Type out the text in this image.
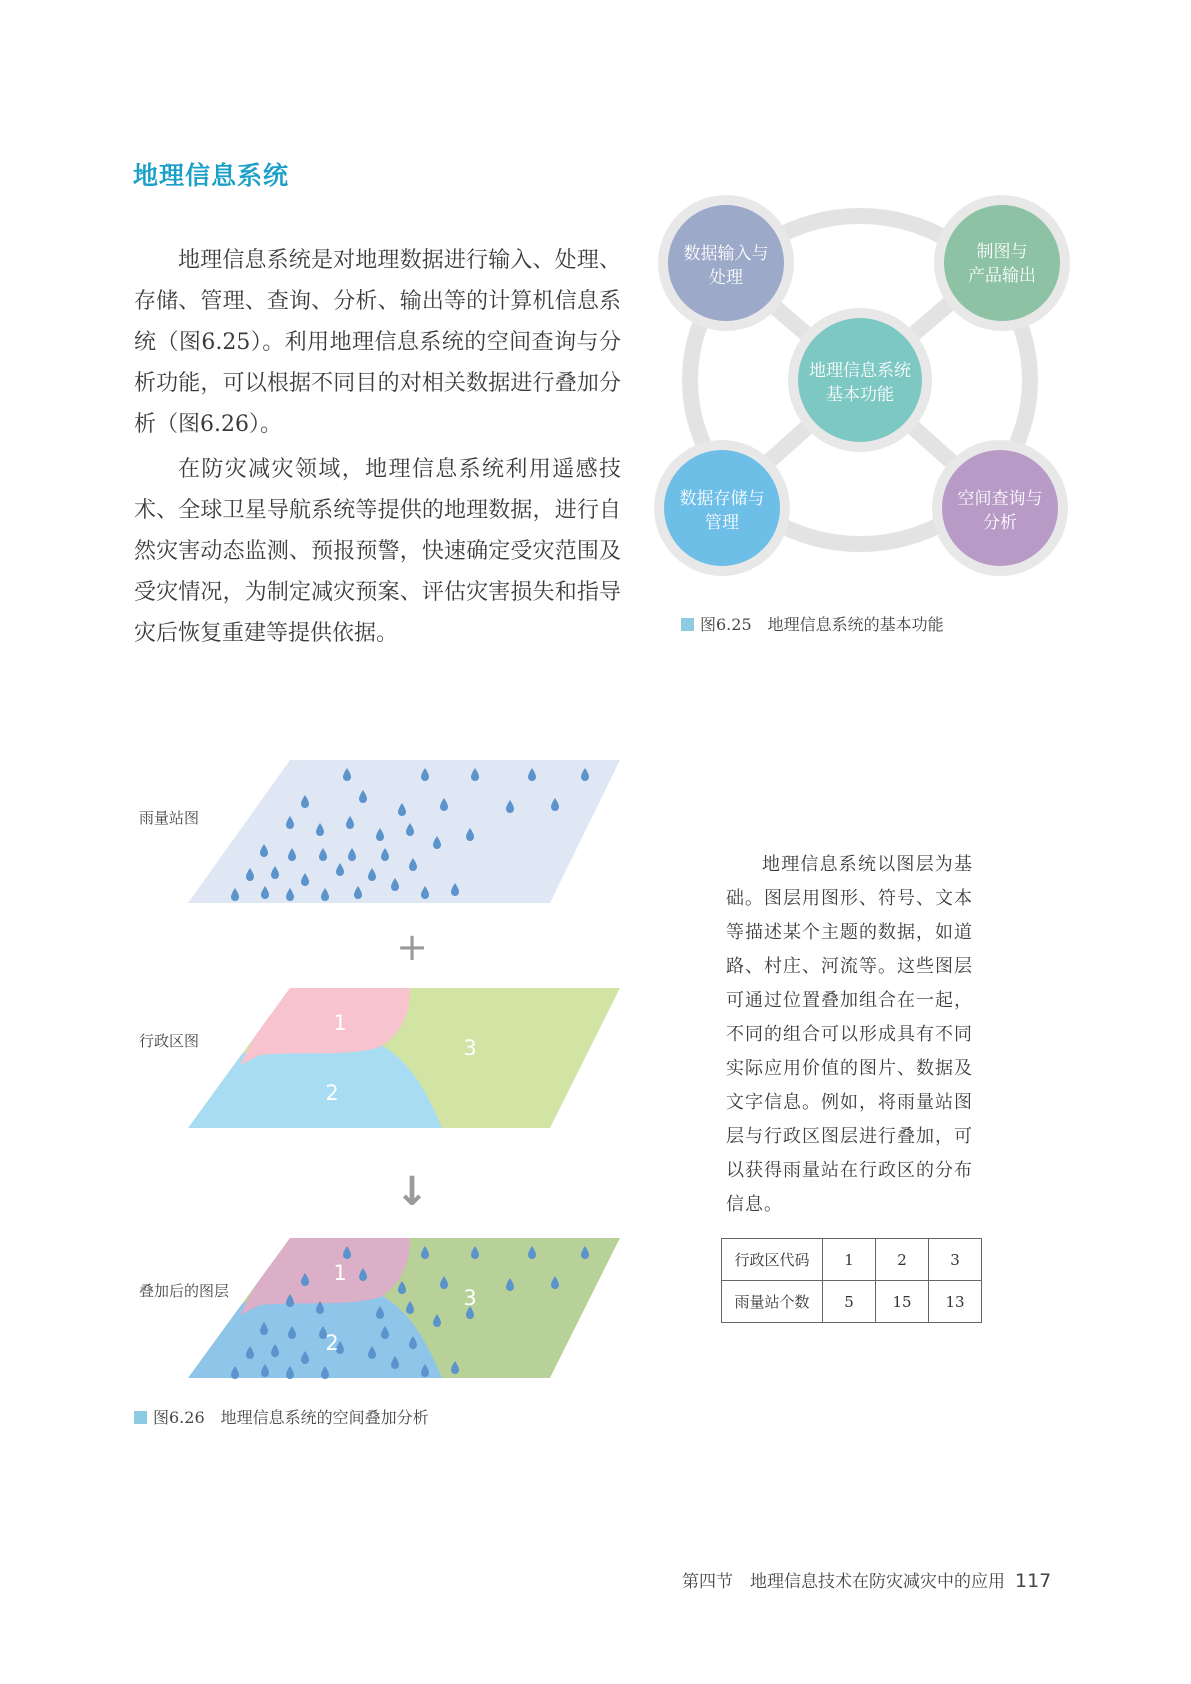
地理信息系统

地理信息系统是对地理数据进行输入、处理、存储、管理、查询、分析、输出等的计算机信息系统（图6.25）。利用地理信息系统的空间查询与分析功能，可以根据不同目的对相关数据进行叠加分析（图6.26）。

在防灾减灾领域，地理信息系统利用遥感技术、全球卫星导航系统等提供的地理数据，进行自然灾害动态监测、预报预警，快速确定受灾范围及受灾情况，为制定减灾预案、评估灾害损失和指导灾后恢复重建等提供依据。

数据输入与
处理
制图与
产品输出
地理信息系统
基本功能
数据存储与
管理
空间查询与
分析
图6.25　地理信息系统的基本功能
雨量站图
行政区图
叠加后的图层
+
1
2
3
↓
1
2
3
图6.26　地理信息系统的空间叠加分析

地理信息系统以图层为基础。图层用图形、符号、文本等描述某个主题的数据，如道路、村庄、河流等。这些图层可通过位置叠加组合在一起，不同的组合可以形成具有不同实际应用价值的图片、数据及文字信息。例如，将雨量站图层与行政区图层进行叠加，可以获得雨量站在行政区的分布信息。

行政区代码	1	2	3
雨量站个数	5	15	13
第四节　地理信息技术在防灾减灾中的应用 117
